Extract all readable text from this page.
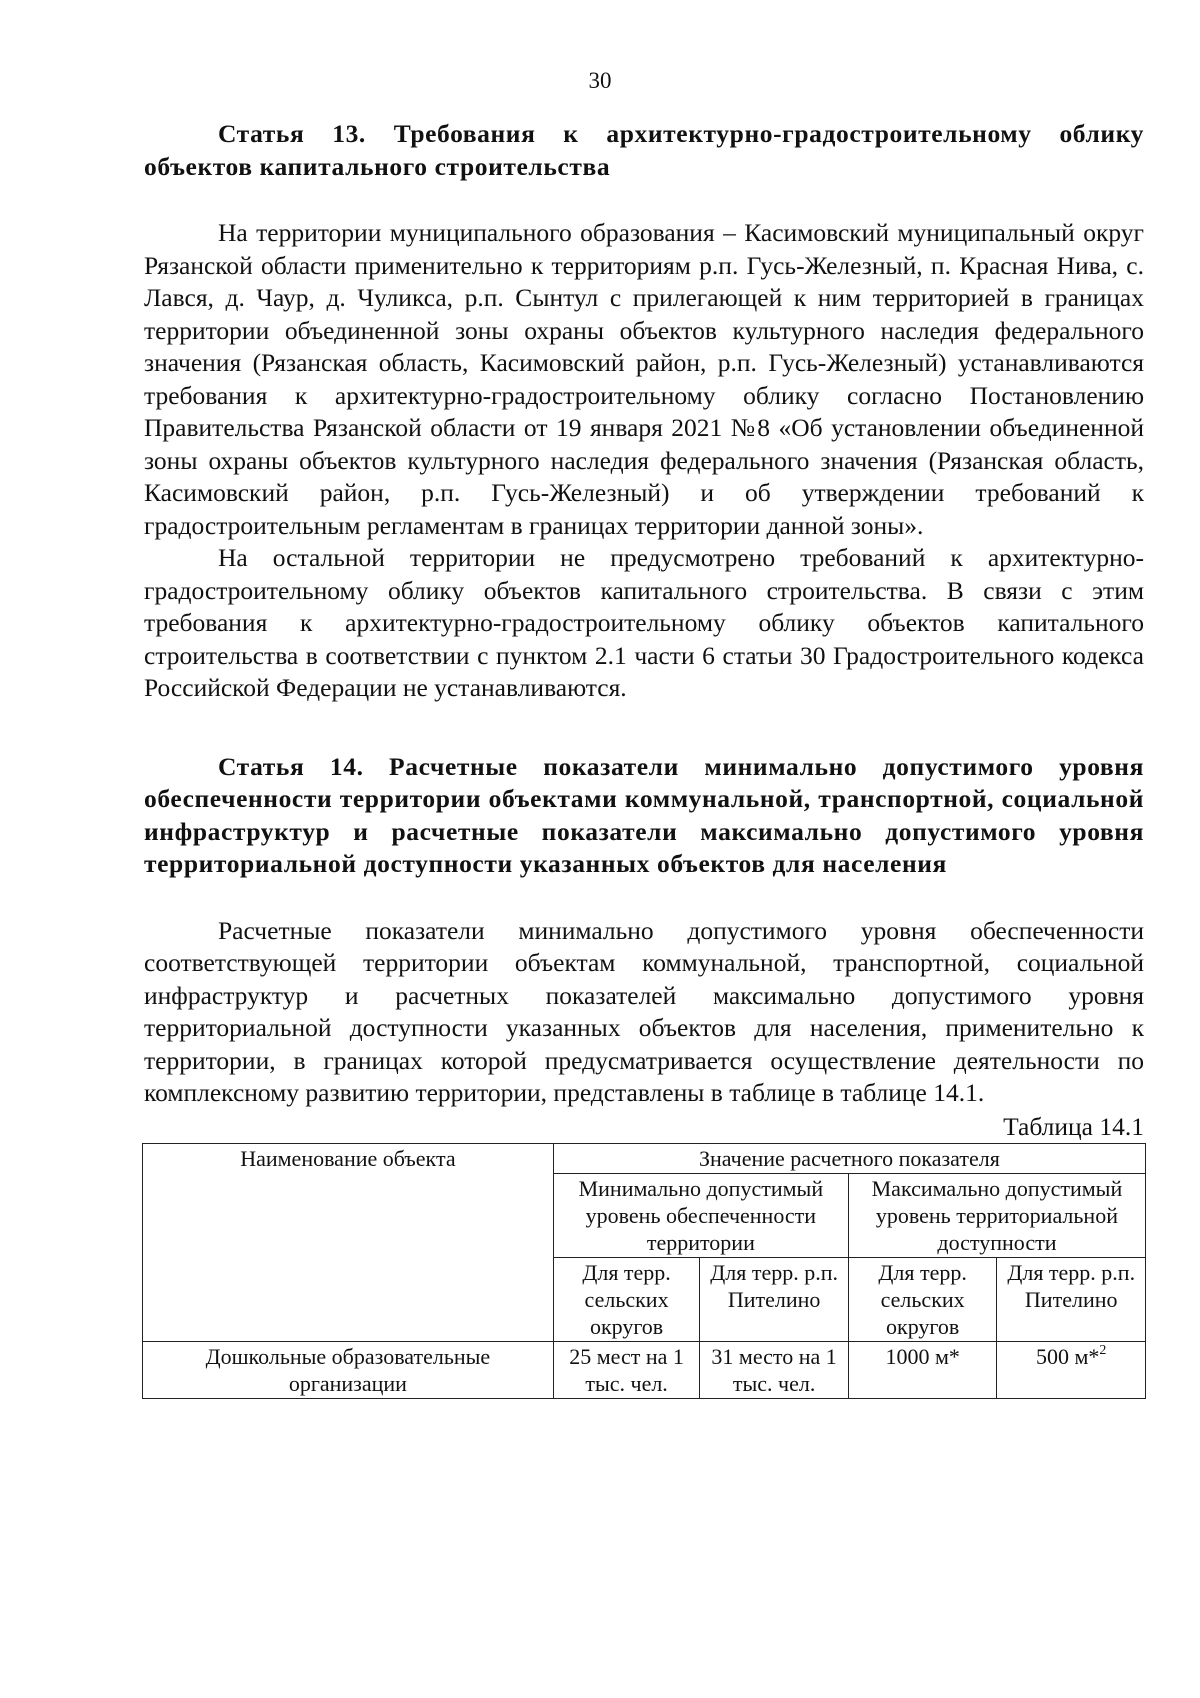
30

Статья 13. Требования к архитектурно-градостроительному облику объектов капитального строительства

На территории муниципального образования – Касимовский муниципальный округ Рязанской области применительно к территориям р.п. Гусь-Железный, п. Красная Нива, с. Лався, д. Чаур, д. Чуликса, р.п. Сынтул с прилегающей к ним территорией в границах территории объединенной зоны охраны объектов культурного наследия федерального значения (Рязанская область, Касимовский район, р.п. Гусь-Железный) устанавливаются требования к архитектурно-градостроительному облику согласно Постановлению Правительства Рязанской области от 19 января 2021 №8 «Об установлении объединенной зоны охраны объектов культурного наследия федерального значения (Рязанская область, Касимовский район, р.п. Гусь-Железный) и об утверждении требований к градостроительным регламентам в границах территории данной зоны».

На остальной территории не предусмотрено требований к архитектурно-градостроительному облику объектов капитального строительства. В связи с этим требования к архитектурно-градостроительному облику объектов капитального строительства в соответствии с пунктом 2.1 части 6 статьи 30 Градостроительного кодекса Российской Федерации не устанавливаются.

Статья 14. Расчетные показатели минимально допустимого уровня обеспеченности территории объектами коммунальной, транспортной, социальной инфраструктур и расчетные показатели максимально допустимого уровня территориальной доступности указанных объектов для населения

Расчетные показатели минимально допустимого уровня обеспеченности соответствующей территории объектам коммунальной, транспортной, социальной инфраструктур и расчетных показателей максимально допустимого уровня территориальной доступности указанных объектов для населения, применительно к территории, в границах которой предусматривается осуществление деятельности по комплексному развитию территории, представлены в таблице в таблице 14.1.

Таблица 14.1

Наименование объекта	Значение расчетного показателя			
	Минимально допустимый уровень обеспеченности территории		Максимально допустимый уровень территориальной доступности	
	Для терр. сельских округов	Для терр. р.п. Пителино	Для терр. сельских округов	Для терр. р.п. Пителино
Дошкольные образовательные организации	25 мест на 1 тыс. чел.	31 место на 1 тыс. чел.	1000 м*	500 м*$^2$
